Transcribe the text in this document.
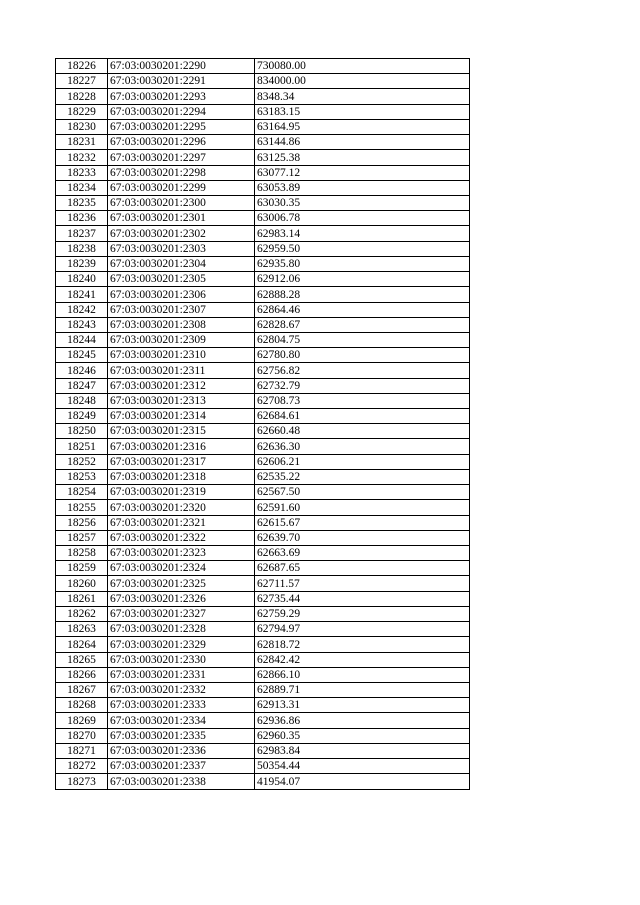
18226	67:03:0030201:2290	730080.00
18227	67:03:0030201:2291	834000.00
18228	67:03:0030201:2293	8348.34
18229	67:03:0030201:2294	63183.15
18230	67:03:0030201:2295	63164.95
18231	67:03:0030201:2296	63144.86
18232	67:03:0030201:2297	63125.38
18233	67:03:0030201:2298	63077.12
18234	67:03:0030201:2299	63053.89
18235	67:03:0030201:2300	63030.35
18236	67:03:0030201:2301	63006.78
18237	67:03:0030201:2302	62983.14
18238	67:03:0030201:2303	62959.50
18239	67:03:0030201:2304	62935.80
18240	67:03:0030201:2305	62912.06
18241	67:03:0030201:2306	62888.28
18242	67:03:0030201:2307	62864.46
18243	67:03:0030201:2308	62828.67
18244	67:03:0030201:2309	62804.75
18245	67:03:0030201:2310	62780.80
18246	67:03:0030201:2311	62756.82
18247	67:03:0030201:2312	62732.79
18248	67:03:0030201:2313	62708.73
18249	67:03:0030201:2314	62684.61
18250	67:03:0030201:2315	62660.48
18251	67:03:0030201:2316	62636.30
18252	67:03:0030201:2317	62606.21
18253	67:03:0030201:2318	62535.22
18254	67:03:0030201:2319	62567.50
18255	67:03:0030201:2320	62591.60
18256	67:03:0030201:2321	62615.67
18257	67:03:0030201:2322	62639.70
18258	67:03:0030201:2323	62663.69
18259	67:03:0030201:2324	62687.65
18260	67:03:0030201:2325	62711.57
18261	67:03:0030201:2326	62735.44
18262	67:03:0030201:2327	62759.29
18263	67:03:0030201:2328	62794.97
18264	67:03:0030201:2329	62818.72
18265	67:03:0030201:2330	62842.42
18266	67:03:0030201:2331	62866.10
18267	67:03:0030201:2332	62889.71
18268	67:03:0030201:2333	62913.31
18269	67:03:0030201:2334	62936.86
18270	67:03:0030201:2335	62960.35
18271	67:03:0030201:2336	62983.84
18272	67:03:0030201:2337	50354.44
18273	67:03:0030201:2338	41954.07
